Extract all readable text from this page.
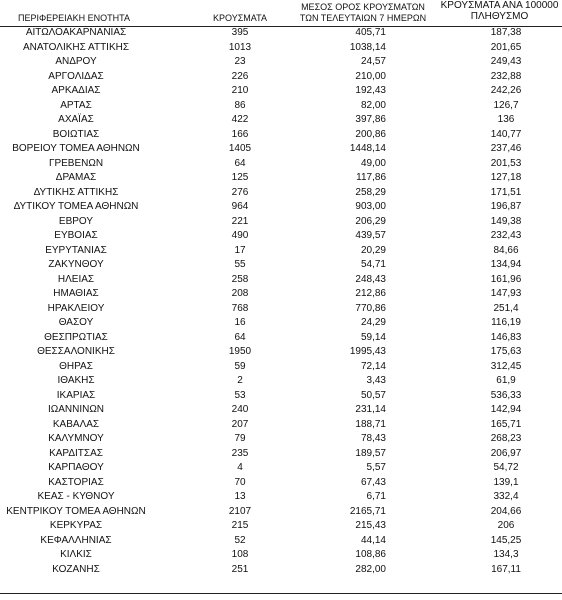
ΠΕΡΙΦΕΡΕΙΑΚΗ ΕΝΟΤΗΤΑ	ΚΡΟΥΣΜΑΤΑ
ΜΕΣΟΣ ΟΡΟΣ ΚΡΟΥΣΜΑΤΩΝ
ΤΩΝ ΤΕΛΕΥΤΑΙΩΝ 7 ΗΜΕΡΩΝ
ΚΡΟΥΣΜΑΤΑ ΑΝΑ 100000
ΠΛΗΘΥΣΜΟ
ΑΙΤΩΛΟΑΚΑΡΝΑΝΙΑΣ	395	405,71	187,38
ΑΝΑΤΟΛΙΚΗΣ ΑΤΤΙΚΗΣ	1013	1038,14	201,65
ΑΝΔΡΟΥ	23	24,57	249,43
ΑΡΓΟΛΙΔΑΣ	226	210,00	232,88
ΑΡΚΑΔΙΑΣ	210	192,43	242,26
ΑΡΤΑΣ	86	82,00	126,7
ΑΧΑΪΑΣ	422	397,86	136
ΒΟΙΩΤΙΑΣ	166	200,86	140,77
ΒΟΡΕΙΟΥ ΤΟΜΕΑ ΑΘΗΝΩΝ	1405	1448,14	237,46
ΓΡΕΒΕΝΩΝ	64	49,00	201,53
ΔΡΑΜΑΣ	125	117,86	127,18
ΔΥΤΙΚΗΣ ΑΤΤΙΚΗΣ	276	258,29	171,51
ΔΥΤΙΚΟΥ ΤΟΜΕΑ ΑΘΗΝΩΝ	964	903,00	196,87
ΕΒΡΟΥ	221	206,29	149,38
ΕΥΒΟΙΑΣ	490	439,57	232,43
ΕΥΡΥΤΑΝΙΑΣ	17	20,29	84,66
ΖΑΚΥΝΘΟΥ	55	54,71	134,94
ΗΛΕΙΑΣ	258	248,43	161,96
ΗΜΑΘΙΑΣ	208	212,86	147,93
ΗΡΑΚΛΕΙΟΥ	768	770,86	251,4
ΘΑΣΟΥ	16	24,29	116,19
ΘΕΣΠΡΩΤΙΑΣ	64	59,14	146,83
ΘΕΣΣΑΛΟΝΙΚΗΣ	1950	1995,43	175,63
ΘΗΡΑΣ	59	72,14	312,45
ΙΘΑΚΗΣ	2	3,43	61,9
ΙΚΑΡΙΑΣ	53	50,57	536,33
ΙΩΑΝΝΙΝΩΝ	240	231,14	142,94
ΚΑΒΑΛΑΣ	207	188,71	165,71
ΚΑΛΥΜΝΟΥ	79	78,43	268,23
ΚΑΡΔΙΤΣΑΣ	235	189,57	206,97
ΚΑΡΠΑΘΟΥ	4	5,57	54,72
ΚΑΣΤΟΡΙΑΣ	70	67,43	139,1
ΚΕΑΣ - ΚΥΘΝΟΥ	13	6,71	332,4
ΚΕΝΤΡΙΚΟΥ ΤΟΜΕΑ ΑΘΗΝΩΝ	2107	2165,71	204,66
ΚΕΡΚΥΡΑΣ	215	215,43	206
ΚΕΦΑΛΛΗΝΙΑΣ	52	44,14	145,25
ΚΙΛΚΙΣ	108	108,86	134,3
ΚΟΖΑΝΗΣ	251	282,00	167,11
